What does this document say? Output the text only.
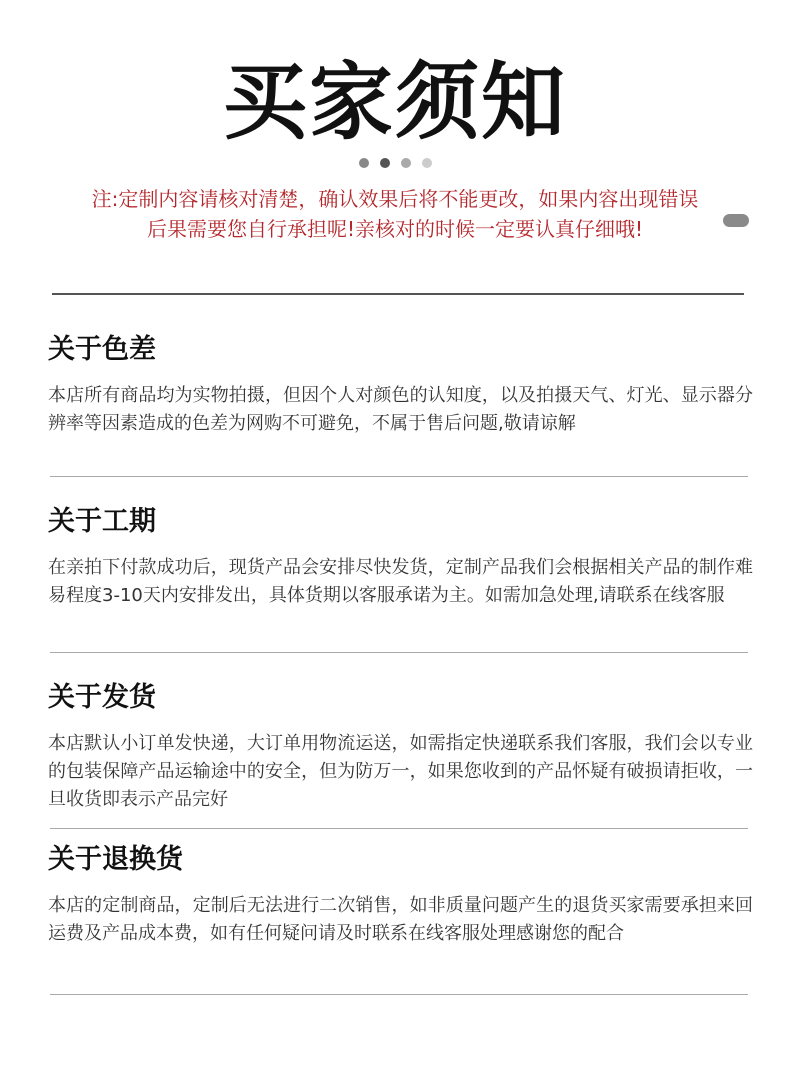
买家须知
注:定制内容请核对清楚，确认效果后将不能更改，如果内容出现错误
后果需要您自行承担呢!亲核对的时候一定要认真仔细哦!
关于色差

本店所有商品均为实物拍摄，但因个人对颜色的认知度，以及拍摄天气、灯光、显示器分辨率等因素造成的色差为网购不可避免，不属于售后问题,敬请谅解

关于工期

在亲拍下付款成功后，现货产品会安排尽快发货，定制产品我们会根据相关产品的制作难易程度3-10天内安排发出，具体货期以客服承诺为主。如需加急处理,请联系在线客服

关于发货

本店默认小订单发快递，大订单用物流运送，如需指定快递联系我们客服，我们会以专业的包装保障产品运输途中的安全，但为防万一，如果您收到的产品怀疑有破损请拒收，一旦收货即表示产品完好

关于退换货

本店的定制商品，定制后无法进行二次销售，如非质量问题产生的退货买家需要承担来回运费及产品成本费，如有任何疑问请及时联系在线客服处理感谢您的配合
